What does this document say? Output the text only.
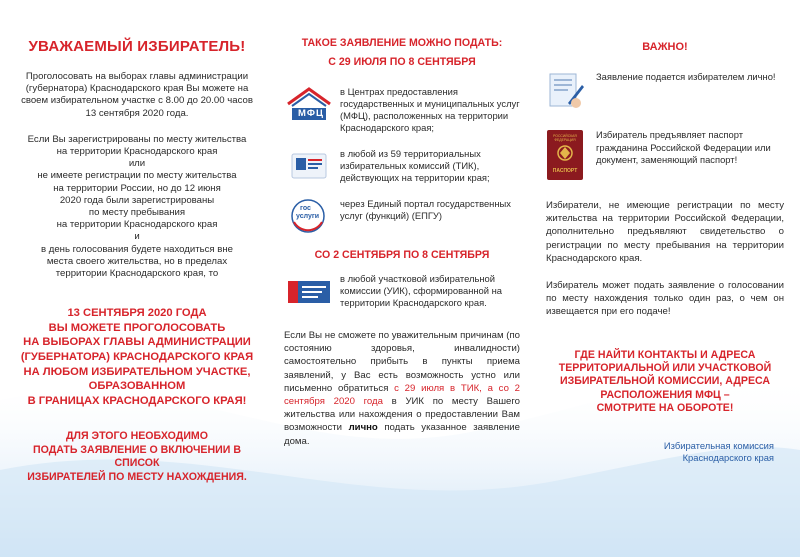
УВАЖАЕМЫЙ ИЗБИРАТЕЛЬ!
Проголосовать на выборах главы администрации (губернатора) Краснодарского края Вы можете на своем избирательном участке с 8.00 до 20.00 часов 13 сентября 2020 года.
Если Вы зарегистрированы по месту жительства
на территории Краснодарского края
или
не имеете регистрации по месту жительства
на территории России, но до 12 июня
2020 года были зарегистрированы
по месту пребывания
на территории Краснодарского края
и
в день голосования будете находиться вне
места своего жительства, но в пределах
территории Краснодарского края, то
13 СЕНТЯБРЯ 2020 ГОДА
ВЫ МОЖЕТЕ ПРОГОЛОСОВАТЬ
НА ВЫБОРАХ ГЛАВЫ АДМИНИСТРАЦИИ
(ГУБЕРНАТОРА) КРАСНОДАРСКОГО КРАЯ
НА ЛЮБОМ ИЗБИРАТЕЛЬНОМ УЧАСТКЕ,
ОБРАЗОВАННОМ
В ГРАНИЦАХ КРАСНОДАРСКОГО КРАЯ!
ДЛЯ ЭТОГО НЕОБХОДИМО
ПОДАТЬ ЗАЯВЛЕНИЕ О ВКЛЮЧЕНИИ В СПИСОК
ИЗБИРАТЕЛЕЙ ПО МЕСТУ НАХОЖДЕНИЯ.
ТАКОЕ ЗАЯВЛЕНИЕ МОЖНО ПОДАТЬ:
С 29 ИЮЛЯ ПО 8 СЕНТЯБРЯ
МФЦ
в Центрах предоставления государственных и муниципальных услуг (МФЦ), расположенных на территории Краснодарского края;
в любой из 59 территориальных избирательных комиссий (ТИК), действующих на территории края;
гос
услуги
через Единый портал государственных услуг (функций) (ЕПГУ)
СО 2 СЕНТЯБРЯ ПО 8 СЕНТЯБРЯ
в любой участковой избирательной комиссии (УИК), сформированной на территории Краснодарского края.
Если Вы не сможете по уважительным причинам (по состоянию здоровья, инвалидности) самостоятельно прибыть в пункты приема заявлений, у Вас есть возможность устно или письменно обратиться с 29 июля в ТИК, а со 2 сентября 2020 года в УИК по месту Вашего жительства или нахождения о предоставлении Вам возможности лично подать указанное заявление дома.
ВАЖНО!
Заявление подается избирателем лично!
РОССИЙСКАЯ ФЕДЕРАЦИЯ
ПАСПОРТ
Избиратель предъявляет паспорт гражданина Российской Федерации или документ, заменяющий паспорт!
Избиратели, не имеющие регистрации по месту жительства на территории Российской Федерации, дополнительно предъявляют свидетельство о регистрации по месту пребывания на территории Краснодарского края.
Избиратель может подать заявление о голосовании по месту нахождения только один раз, о чем он извещается при его подаче!
ГДЕ НАЙТИ КОНТАКТЫ И АДРЕСА
ТЕРРИТОРИАЛЬНОЙ ИЛИ УЧАСТКОВОЙ
ИЗБИРАТЕЛЬНОЙ КОМИССИИ, АДРЕСА
РАСПОЛОЖЕНИЯ МФЦ –
СМОТРИТЕ НА ОБОРОТЕ!
Избирательная комиссия
Краснодарского края
